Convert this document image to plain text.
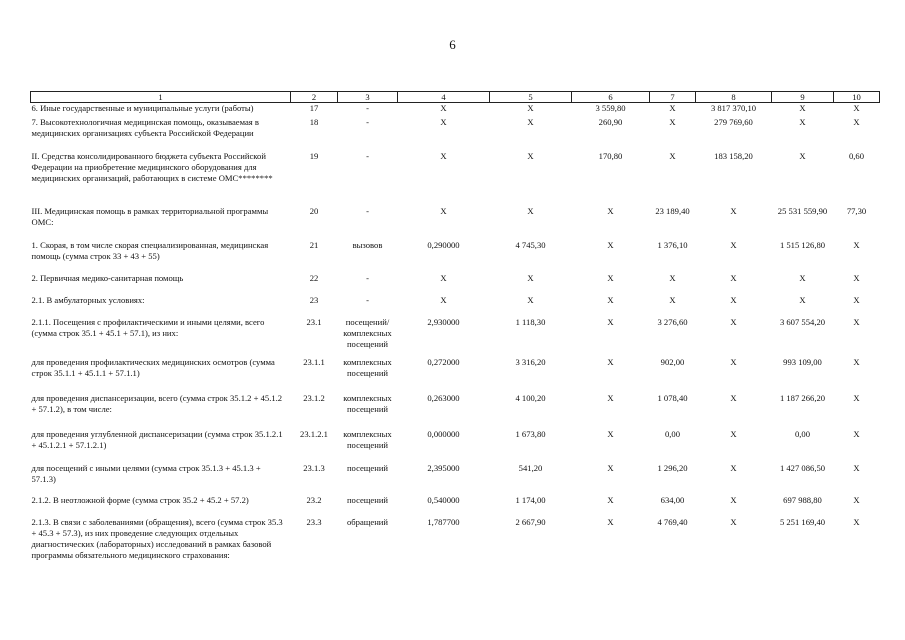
6
1	2	3	4	5	6	7	8	9	10
6. Иные государственные и муниципальные услуги (работы)	17	-	X	X	3 559,80	X	3 817 370,10	X	X
7. Высокотехнологичная медицинская помощь, оказываемая в медицинских организациях субъекта Российской Федерации	18	-	X	X	260,90	X	279 769,60	X	X
II. Средства консолидированного бюджета субъекта Российской Федерации на приобретение медицинского оборудования для медицинских организаций, работающих в системе ОМС********	19	-	X	X	170,80	X	183 158,20	X	0,60
III. Медицинская помощь в рамках территориальной программы ОМС:	20	-	X	X	X	23 189,40	X	25 531 559,90	77,30
1. Скорая, в том числе скорая специализированная, медицинская помощь (сумма строк 33 + 43 + 55)	21	вызовов	0,290000	4 745,30	X	1 376,10	X	1 515 126,80	X
2. Первичная медико-санитарная помощь	22	-	X	X	X	X	X	X	X
2.1. В амбулаторных условиях:	23	-	X	X	X	X	X	X	X
2.1.1. Посещения с профилактическими и иными целями, всего (сумма строк 35.1 + 45.1 + 57.1), из них:	23.1	посещений/ комплексных посещений	2,930000	1 118,30	X	3 276,60	X	3 607 554,20	X
для проведения профилактических медицинских осмотров (сумма строк 35.1.1 + 45.1.1 + 57.1.1)	23.1.1	комплексных посещений	0,272000	3 316,20	X	902,00	X	993 109,00	X
для проведения диспансеризации, всего (сумма строк 35.1.2 + 45.1.2 + 57.1.2), в том числе:	23.1.2	комплексных посещений	0,263000	4 100,20	X	1 078,40	X	1 187 266,20	X
для проведения углубленной диспансеризации (сумма строк 35.1.2.1 + 45.1.2.1 + 57.1.2.1)	23.1.2.1	комплексных посещений	0,000000	1 673,80	X	0,00	X	0,00	X
для посещений с иными целями (сумма строк 35.1.3 + 45.1.3 + 57.1.3)	23.1.3	посещений	2,395000	541,20	X	1 296,20	X	1 427 086,50	X
2.1.2. В неотложной форме (сумма строк 35.2 + 45.2 + 57.2)	23.2	посещений	0,540000	1 174,00	X	634,00	X	697 988,80	X
2.1.3. В связи с заболеваниями (обращения), всего (сумма строк 35.3 + 45.3 + 57.3), из них проведение следующих отдельных диагностических (лабораторных) исследований в рамках базовой программы обязательного медицинского страхования:	23.3	обращений	1,787700	2 667,90	X	4 769,40	X	5 251 169,40	X
